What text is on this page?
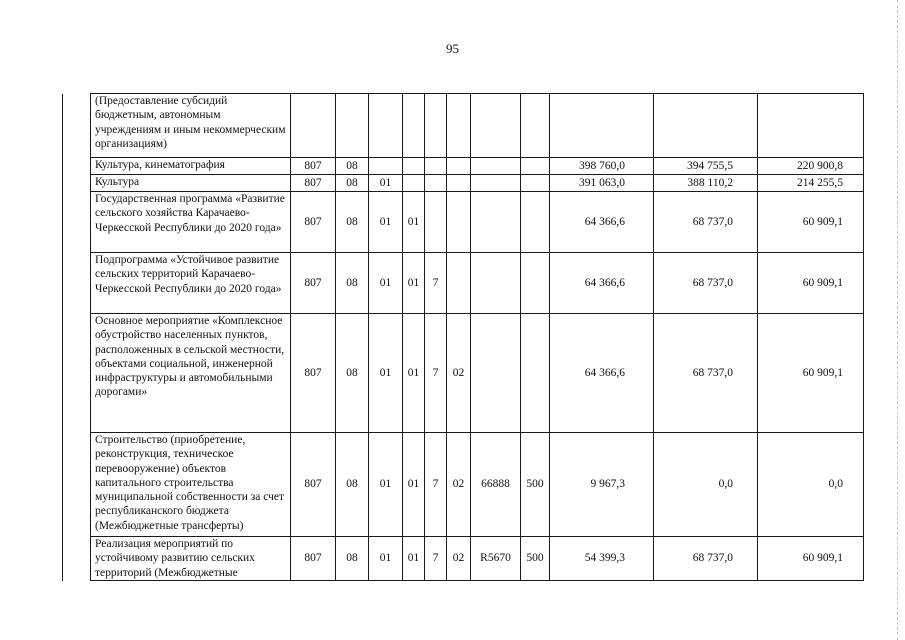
95
	(Предоставление субсидий бюджетным, автономным учреждениям и иным некоммерческим организациям)											
	Культура, кинематография	807	08							398 760,0	394 755,5	220 900,8
	Культура	807	08	01						391 063,0	388 110,2	214 255,5
	Государственная программа «Развитие сельского хозяйства Карачаево-Черкесской Республики до 2020 года»	807	08	01	01					64 366,6	68 737,0	60 909,1
	Подпрограмма «Устойчивое развитие сельских территорий Карачаево-Черкесской Республики до 2020 года»	807	08	01	01	7				64 366,6	68 737,0	60 909,1
	Основное мероприятие «Комплексное обустройство населенных пунктов, расположенных в сельской местности, объектами социальной, инженерной инфраструктуры и автомобильными дорогами»	807	08	01	01	7	02			64 366,6	68 737,0	60 909,1
	Строительство (приобретение, реконструкция, техническое перевооружение) объектов капитального строительства муниципальной собственности за счет республиканского бюджета (Межбюджетные трансферты)	807	08	01	01	7	02	66888	500	9 967,3	0,0	0,0
	Реализация мероприятий по устойчивому развитию сельских территорий (Межбюджетные	807	08	01	01	7	02	R5670	500	54 399,3	68 737,0	60 909,1
